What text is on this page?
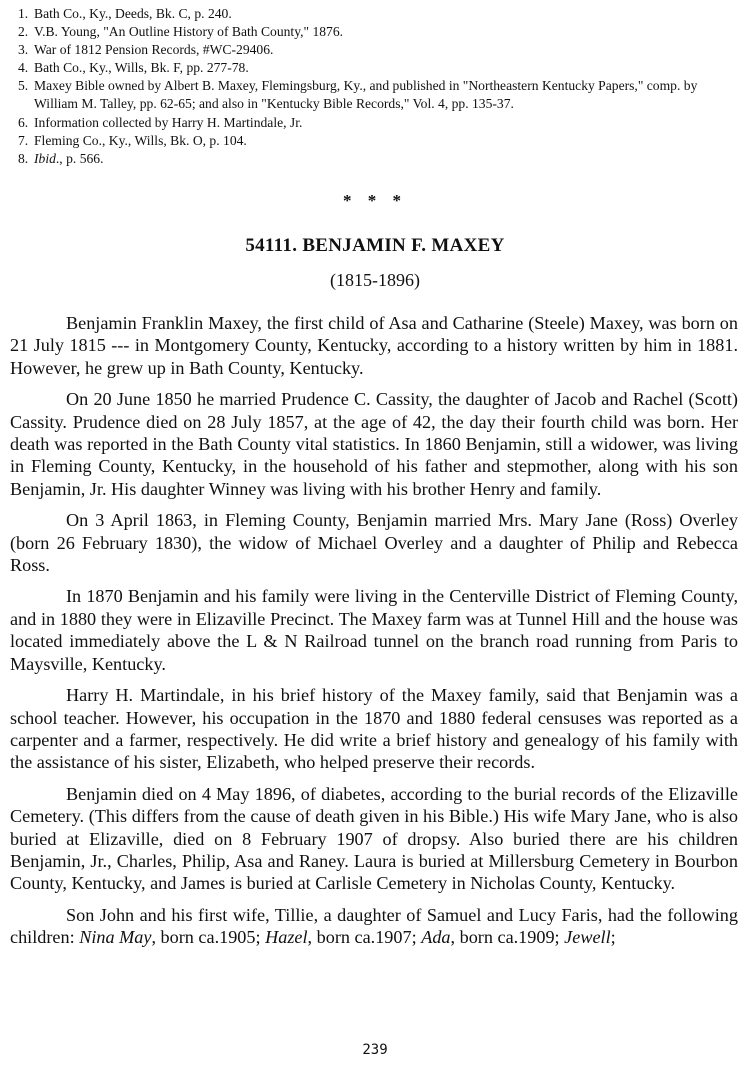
1. Bath Co., Ky., Deeds, Bk. C, p. 240.
2. V.B. Young, "An Outline History of Bath County," 1876.
3. War of 1812 Pension Records, #WC-29406.
4. Bath Co., Ky., Wills, Bk. F, pp. 277-78.
5. Maxey Bible owned by Albert B. Maxey, Flemingsburg, Ky., and published in "Northeastern Kentucky Papers," comp. by William M. Talley, pp. 62-65; and also in "Kentucky Bible Records," Vol. 4, pp. 135-37.
6. Information collected by Harry H. Martindale, Jr.
7. Fleming Co., Ky., Wills, Bk. O, p. 104.
8. Ibid., p. 566.
* * *
54111. BENJAMIN F. MAXEY
(1815-1896)

Benjamin Franklin Maxey, the first child of Asa and Catharine (Steele) Maxey, was born on 21 July 1815 --- in Montgomery County, Kentucky, according to a history written by him in 1881. However, he grew up in Bath County, Kentucky.

On 20 June 1850 he married Prudence C. Cassity, the daughter of Jacob and Rachel (Scott) Cassity. Prudence died on 28 July 1857, at the age of 42, the day their fourth child was born. Her death was reported in the Bath County vital statistics. In 1860 Benjamin, still a widower, was living in Fleming County, Kentucky, in the household of his father and stepmother, along with his son Benjamin, Jr. His daughter Winney was living with his brother Henry and family.

On 3 April 1863, in Fleming County, Benjamin married Mrs. Mary Jane (Ross) Overley (born 26 February 1830), the widow of Michael Overley and a daughter of Philip and Rebecca Ross.

In 1870 Benjamin and his family were living in the Centerville District of Fleming County, and in 1880 they were in Elizaville Precinct. The Maxey farm was at Tunnel Hill and the house was located immediately above the L & N Railroad tunnel on the branch road running from Paris to Maysville, Kentucky.

Harry H. Martindale, in his brief history of the Maxey family, said that Benjamin was a school teacher. However, his occupation in the 1870 and 1880 federal censuses was reported as a carpenter and a farmer, respectively. He did write a brief history and genealogy of his family with the assistance of his sister, Elizabeth, who helped preserve their records.

Benjamin died on 4 May 1896, of diabetes, according to the burial records of the Elizaville Cemetery. (This differs from the cause of death given in his Bible.) His wife Mary Jane, who is also buried at Elizaville, died on 8 February 1907 of dropsy. Also buried there are his children Benjamin, Jr., Charles, Philip, Asa and Raney. Laura is buried at Millersburg Cemetery in Bourbon County, Kentucky, and James is buried at Carlisle Cemetery in Nicholas County, Kentucky.

Son John and his first wife, Tillie, a daughter of Samuel and Lucy Faris, had the following children: Nina May, born ca.1905; Hazel, born ca.1907; Ada, born ca.1909; Jewell;

239
